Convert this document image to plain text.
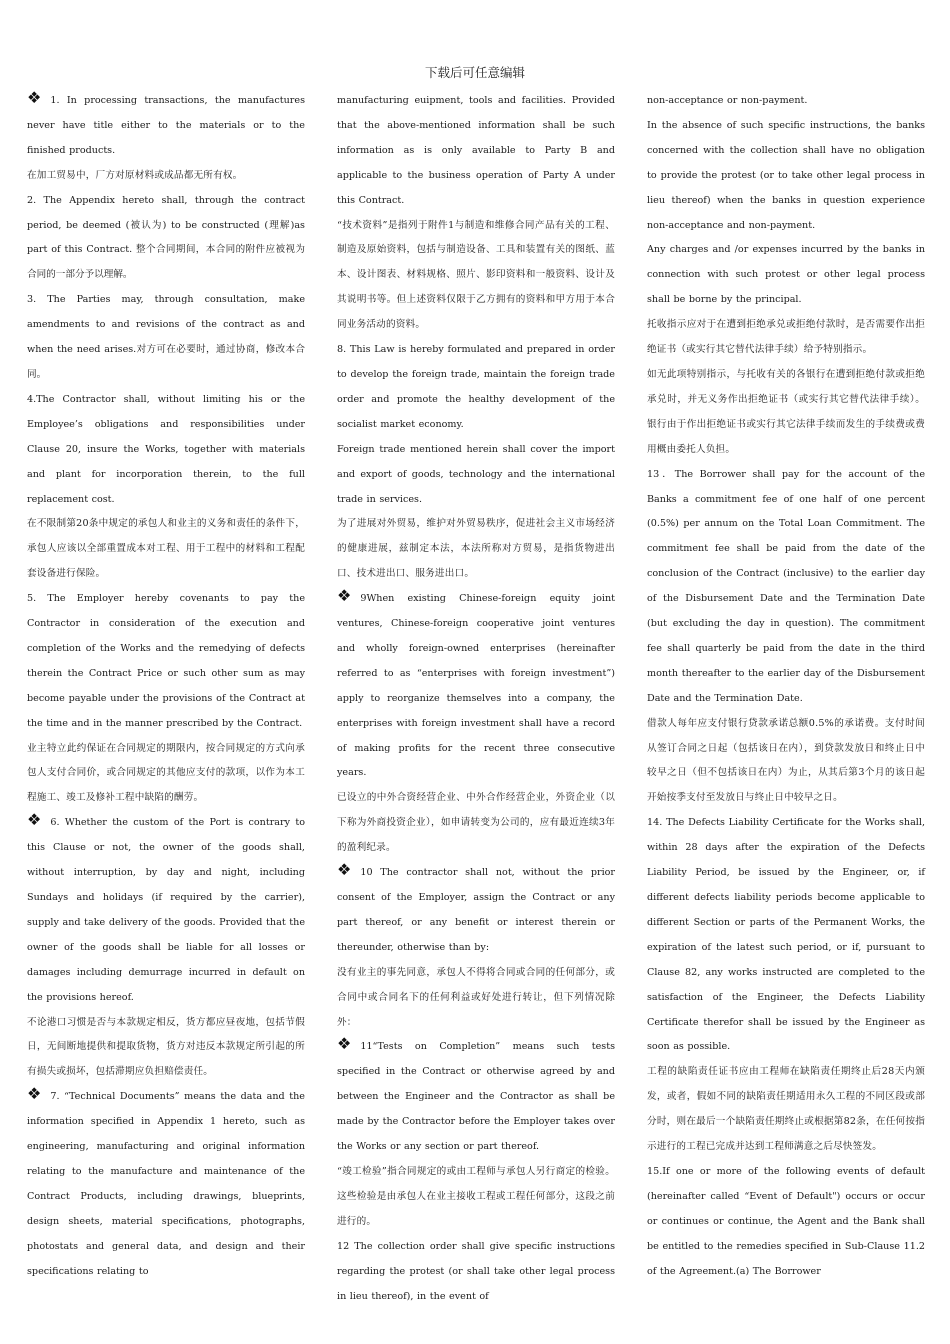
下载后可任意编辑

❖ 1. In processing transactions, the manufactures never have title either to the materials or to the finished products.

在加工贸易中，厂方对原材料或成品都无所有权。

2. The Appendix hereto shall, through the contract period, be deemed (被认为) to be constructed (理解)as part of this Contract. 整个合同期间，本合同的附件应被视为合同的一部分予以理解。

3. The Parties may, through consultation, make amendments to and revisions of the contract as and when the need arises.对方可在必要时，通过协商，修改本合同。

4.The Contractor shall, without limiting his or the Employee’s obligations and responsibilities under Clause 20, insure the Works, together with materials and plant for incorporation therein, to the full replacement cost.

在不限制第20条中规定的承包人和业主的义务和责任的条件下，承包人应该以全部重置成本对工程、用于工程中的材料和工程配套设备进行保险。

5. The Employer hereby covenants to pay the Contractor in consideration of the execution and completion of the Works and the remedying of defects therein the Contract Price or such other sum as may become payable under the provisions of the Contract at the time and in the manner prescribed by the Contract.

业主特立此约保证在合同规定的期限内，按合同规定的方式向承包人支付合同价，或合同规定的其他应支付的款项，以作为本工程施工、竣工及修补工程中缺陷的酬劳。

❖ 6. Whether the custom of the Port is contrary to this Clause or not, the owner of the goods shall, without interruption, by day and night, including Sundays and holidays (if required by the carrier), supply and take delivery of the goods. Provided that the owner of the goods shall be liable for all losses or damages including demurrage incurred in default on the provisions hereof.

不论港口习惯是否与本款规定相反，货方都应昼夜地，包括节假日，无间断地提供和提取货物，货方对违反本款规定所引起的所有损失或损坏，包括滞期应负担赔偿责任。

❖ 7. “Technical Documents” means the data and the information specified in Appendix 1 hereto, such as engineering, manufacturing and original information relating to the manufacture and maintenance of the Contract Products, including drawings, blueprints, design sheets, material specifications, photographs, photostats and general data, and design and their specifications relating to

manufacturing euipment, tools and facilities. Provided that the above-mentioned information shall be such information as is only available to Party B and applicable to the business operation of Party A under this Contract.

“技术资料”是指列于附件1与制造和维修合同产品有关的工程、制造及原始资料，包括与制造设备、工具和装置有关的图纸、蓝本、设计图表、材料规格、照片、影印资料和一般资料、设计及其说明书等。但上述资料仅限于乙方拥有的资料和甲方用于本合同业务活动的资料。

8. This Law is hereby formulated and prepared in order to develop the foreign trade, maintain the foreign trade order and promote the healthy development of the socialist market economy.

Foreign trade mentioned herein shall cover the import and export of goods, technology and the international trade in services.

为了进展对外贸易，维护对外贸易秩序，促进社会主义市场经济的健康进展，兹制定本法，本法所称对方贸易，是指货物进出口、技术进出口、服务进出口。

❖ 9When existing Chinese-foreign equity joint ventures, Chinese-foreign cooperative joint ventures and wholly foreign-owned enterprises (hereinafter referred to as “enterprises with foreign investment”) apply to reorganize themselves into a company, the enterprises with foreign investment shall have a record of making profits for the recent three consecutive years.

已设立的中外合资经营企业、中外合作经营企业，外资企业（以下称为外商投资企业），如申请转变为公司的，应有最近连续3年的盈利纪录。

❖ 10 The contractor shall not, without the prior consent of the Employer, assign the Contract or any part thereof, or any benefit or interest therein or thereunder, otherwise than by:

没有业主的事先同意，承包人不得将合同或合同的任何部分，或合同中或合同名下的任何利益或好处进行转让，但下列情况除外：

❖ 11“Tests on Completion” means such tests specified in the Contract or otherwise agreed by and between the Engineer and the Contractor as shall be made by the Contractor before the Employer takes over the Works or any section or part thereof.

“竣工检验”指合同规定的或由工程师与承包人另行商定的检验。这些检验是由承包人在业主接收工程或工程任何部分，这段之前进行的。

12 The collection order shall give specific instructions regarding the protest (or shall take other legal process in lieu thereof), in the event of

non-acceptance or non-payment.

In the absence of such specific instructions, the banks concerned with the collection shall have no obligation to provide the protest (or to take other legal process in lieu thereof) when the banks in question experience non-acceptance and non-payment.

Any charges and /or expenses incurred by the banks in connection with such protest or other legal process shall be borne by the principal.

托收指示应对于在遭到拒绝承兑或拒绝付款时，是否需要作出拒绝证书（或实行其它替代法律手续）给予特别指示。

如无此项特别指示，与托收有关的各银行在遭到拒绝付款或拒绝承兑时，并无义务作出拒绝证书（或实行其它替代法律手续）。银行由于作出拒绝证书或实行其它法律手续而发生的手续费或费用概由委托人负担。

13．The Borrower shall pay for the account of the Banks a commitment fee of one half of one percent (0.5%) per annum on the Total Loan Commitment. The commitment fee shall be paid from the date of the conclusion of the Contract (inclusive) to the earlier day of the Disbursement Date and the Termination Date (but excluding the day in question). The commitment fee shall quarterly be paid from the date in the third month thereafter to the earlier day of the Disbursement Date and the Termination Date.

借款人每年应支付银行贷款承诺总额0.5%的承诺费。支付时间从签订合同之日起（包括该日在内），到贷款发放日和终止日中较早之日（但不包括该日在内）为止，从其后第3个月的该日起开始按季支付至发放日与终止日中较早之日。

14. The Defects Liability Certificate for the Works shall, within 28 days after the expiration of the Defects Liability Period, be issued by the Engineer, or, if different defects liability periods become applicable to different Section or parts of the Permanent Works, the expiration of the latest such period, or if, pursuant to Clause 82, any works instructed are completed to the satisfaction of the Engineer, the Defects Liability Certificate therefor shall be issued by the Engineer as soon as possible.

工程的缺陷责任证书应由工程师在缺陷责任期终止后28天内颁发，或者，假如不同的缺陷责任期适用永久工程的不同区段或部分时，则在最后一个缺陷责任期终止或根据第82条，在任何按指示进行的工程已完成并达到工程师满意之后尽快签发。

15.If one or more of the following events of default (hereinafter called “Event of Default") occurs or occur or continues or continue, the Agent and the Bank shall be entitled to the remedies specified in Sub-Clause 11.2 of the Agreement.(a) The Borrower
